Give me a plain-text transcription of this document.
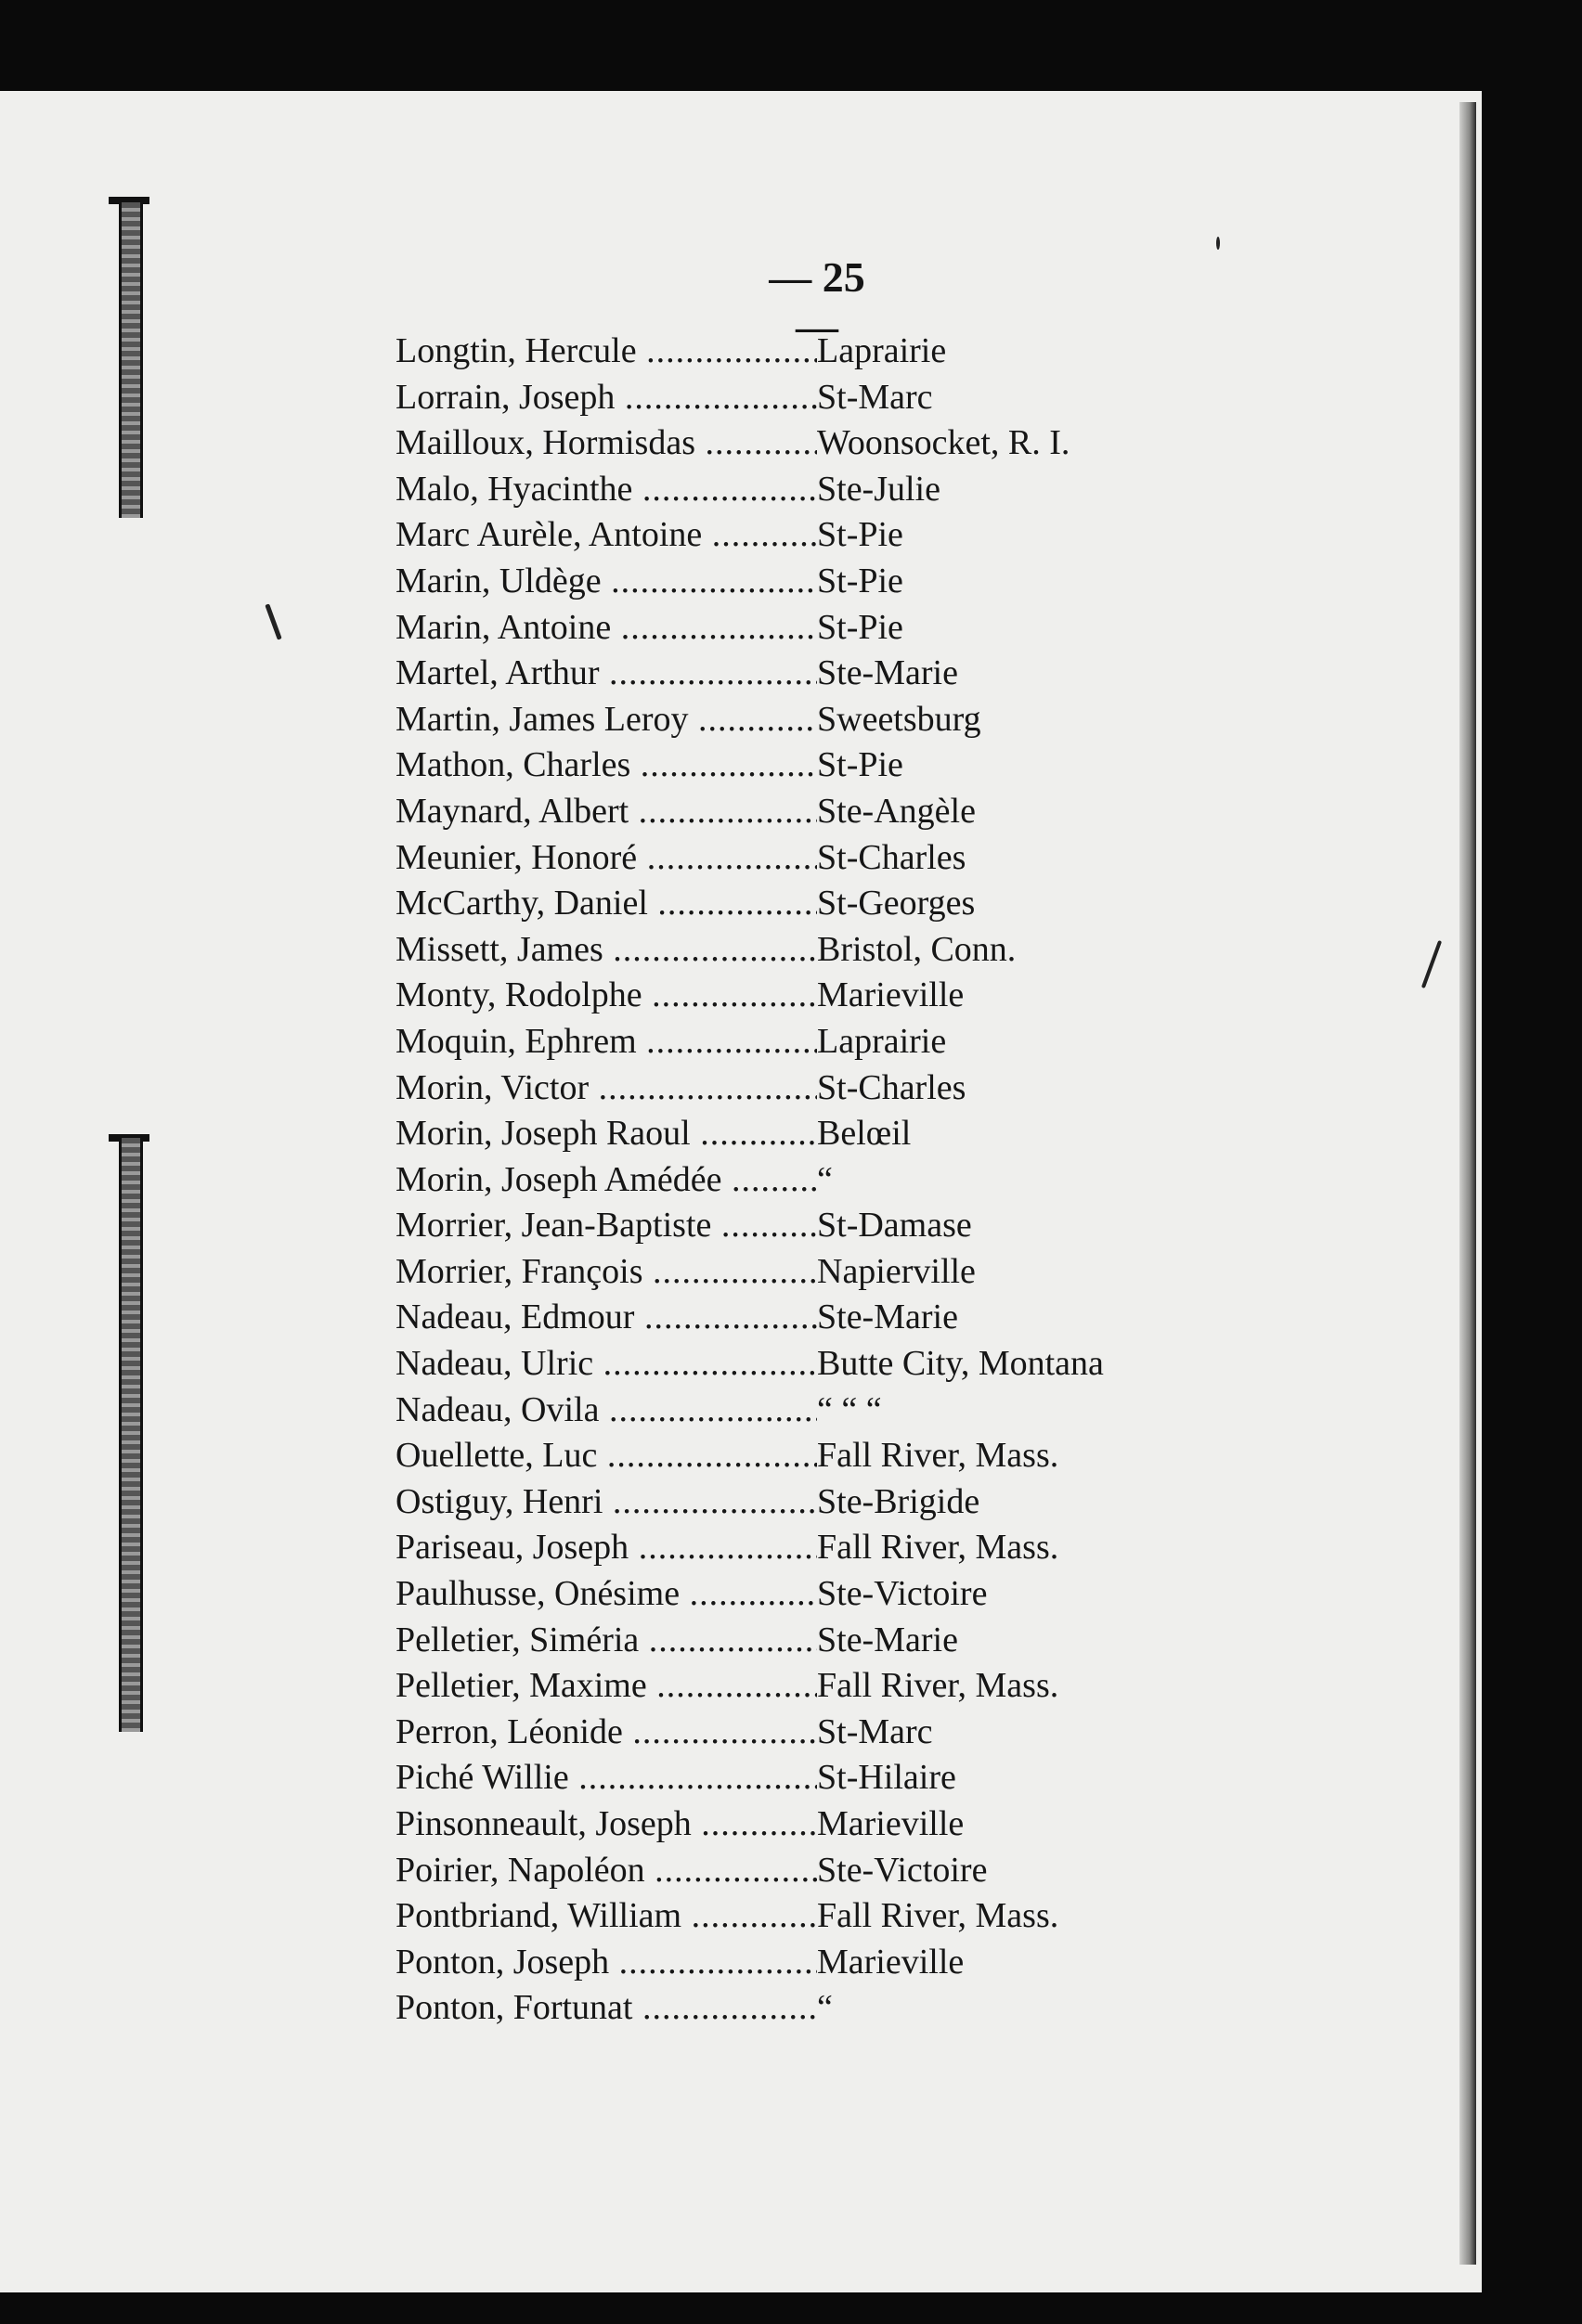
— 25 —
Longtin, Hercule .....	Laprairie
Lorrain, Joseph .....	St-Marc
Mailloux, Hormisdas .....	Woonsocket, R. I.
Malo, Hyacinthe .....	Ste-Julie
Marc Aurèle, Antoine .....	St-Pie
Marin, Uldège .....	St-Pie
Marin, Antoine .....	St-Pie
Martel, Arthur .....	Ste-Marie
Martin, James Leroy .....	Sweetsburg
Mathon, Charles .....	St-Pie
Maynard, Albert .....	Ste-Angèle
Meunier, Honoré .....	St-Charles
McCarthy, Daniel .....	St-Georges
Missett, James .....	Bristol, Conn.
Monty, Rodolphe .....	Marieville
Moquin, Ephrem .....	Laprairie
Morin, Victor .....	St-Charles
Morin, Joseph Raoul .....	Belœil
Morin, Joseph Amédée .....	“
Morrier, Jean-Baptiste .....	St-Damase
Morrier, François .....	Napierville
Nadeau, Edmour .....	Ste-Marie
Nadeau, Ulric .....	Butte City, Montana
Nadeau, Ovila .....	“ “ “
Ouellette, Luc .....	Fall River, Mass.
Ostiguy, Henri .....	Ste-Brigide
Pariseau, Joseph .....	Fall River, Mass.
Paulhusse, Onésime .....	Ste-Victoire
Pelletier, Siméria .....	Ste-Marie
Pelletier, Maxime .....	Fall River, Mass.
Perron, Léonide .....	St-Marc
Piché Willie .....	St-Hilaire
Pinsonneault, Joseph .....	Marieville
Poirier, Napoléon .....	Ste-Victoire
Pontbriand, William .....	Fall River, Mass.
Ponton, Joseph .....	Marieville
Ponton, Fortunat .....	“
